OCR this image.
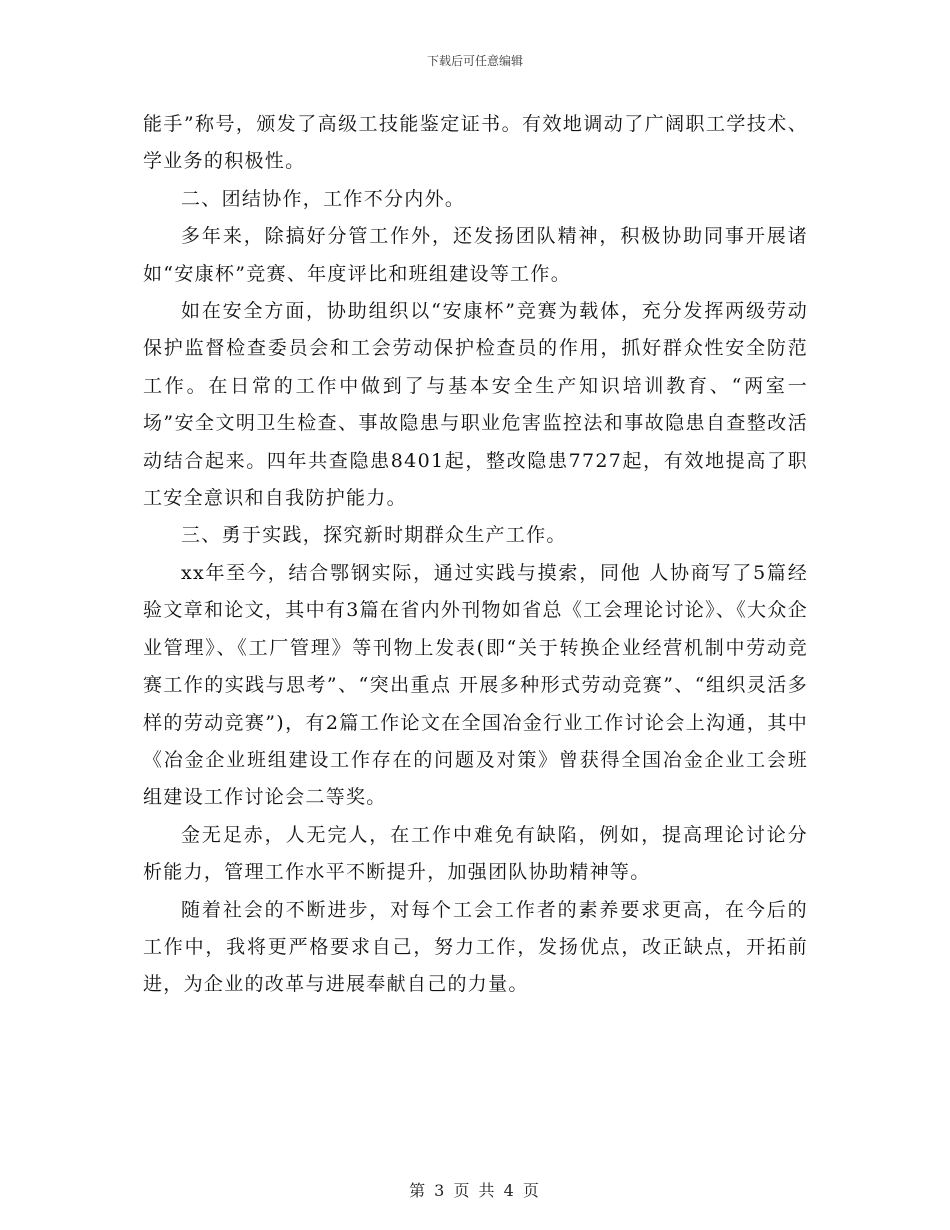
下载后可任意编辑

能手”称号，颁发了高级工技能鉴定证书。有效地调动了广阔职工学技术、学业务的积极性。

二、团结协作，工作不分内外。

多年来，除搞好分管工作外，还发扬团队精神，积极协助同事开展诸如“安康杯”竞赛、年度评比和班组建设等工作。

如在安全方面，协助组织以“安康杯”竞赛为载体，充分发挥两级劳动保护监督检查委员会和工会劳动保护检查员的作用，抓好群众性安全防范工作。在日常的工作中做到了与基本安全生产知识培训教育、“两室一场”安全文明卫生检查、事故隐患与职业危害监控法和事故隐患自查整改活动结合起来。四年共查隐患8401起，整改隐患7727起，有效地提高了职工安全意识和自我防护能力。

三、勇于实践，探究新时期群众生产工作。

xx年至今，结合鄂钢实际，通过实践与摸索，同他 人协商写了5篇经验文章和论文，其中有3篇在省内外刊物如省总《工会理论讨论》、《大众企业管理》、《工厂管理》等刊物上发表(即“关于转换企业经营机制中劳动竞赛工作的实践与思考”、“突出重点 开展多种形式劳动竞赛”、“组织灵活多样的劳动竞赛”)，有2篇工作论文在全国冶金行业工作讨论会上沟通，其中《冶金企业班组建设工作存在的问题及对策》曾获得全国冶金企业工会班组建设工作讨论会二等奖。

金无足赤，人无完人，在工作中难免有缺陷，例如，提高理论讨论分析能力，管理工作水平不断提升，加强团队协助精神等。

随着社会的不断进步，对每个工会工作者的素养要求更高，在今后的工作中，我将更严格要求自己，努力工作，发扬优点，改正缺点，开拓前进，为企业的改革与进展奉献自己的力量。

第 3 页 共 4 页
